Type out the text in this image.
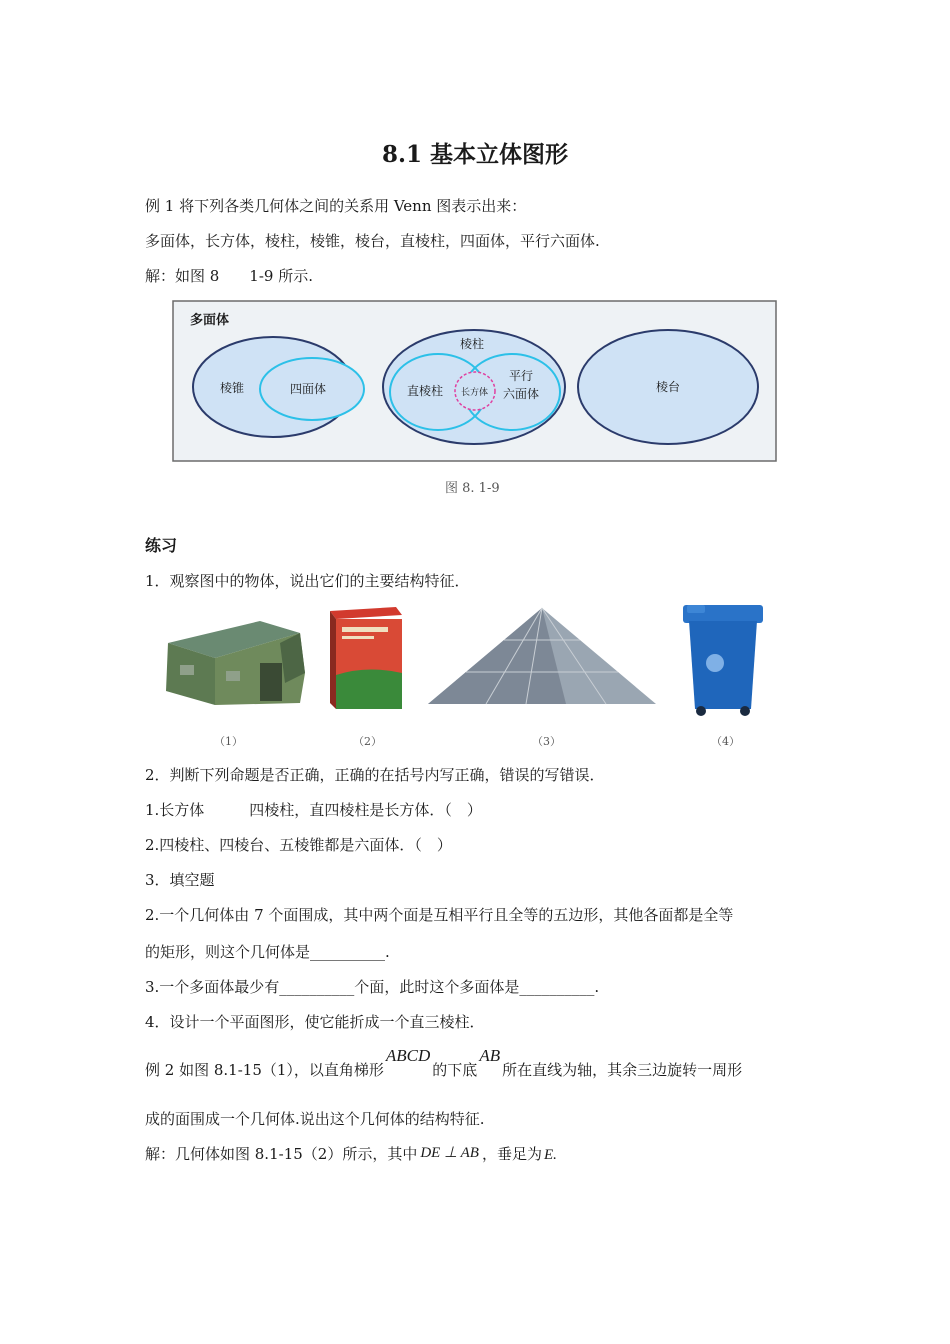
8.1 基本立体图形
例 1 将下列各类几何体之间的关系用 Venn 图表示出来：
多面体，长方体，棱柱，棱锥，棱台，直棱柱，四面体，平行六面体.
解：如图 8　　1-9 所示.
多面体
棱锥	四面体
棱柱
直棱柱 长方体
平行
六面体	棱台
图 8. 1-9
练习
1．观察图中的物体，说出它们的主要结构特征．
（1）	（2）	（3）	（4）
2．判断下列命题是否正确，正确的在括号内写正确，错误的写错误．
1.长方体　　　四棱柱，直四棱柱是长方体．（　）
2.四棱柱、四棱台、五棱锥都是六面体．（　）
3．填空题
2.一个几何体由 7 个面围成，其中两个面是互相平行且全等的五边形，其他各面都是全等
的矩形，则这个几何体是__________.
3.一个多面体最少有__________个面，此时这个多面体是__________.
4．设计一个平面图形，使它能折成一个直三棱柱．
例 2 如图 8.1-15（1），以直角梯形ABCD的下底AB所在直线为轴，其余三边旋转一周形
成的面围成一个几何体.说出这个几何体的结构特征.
解：几何体如图 8.1-15（2）所示，其中 DE ⊥ AB ，垂足为 E.
